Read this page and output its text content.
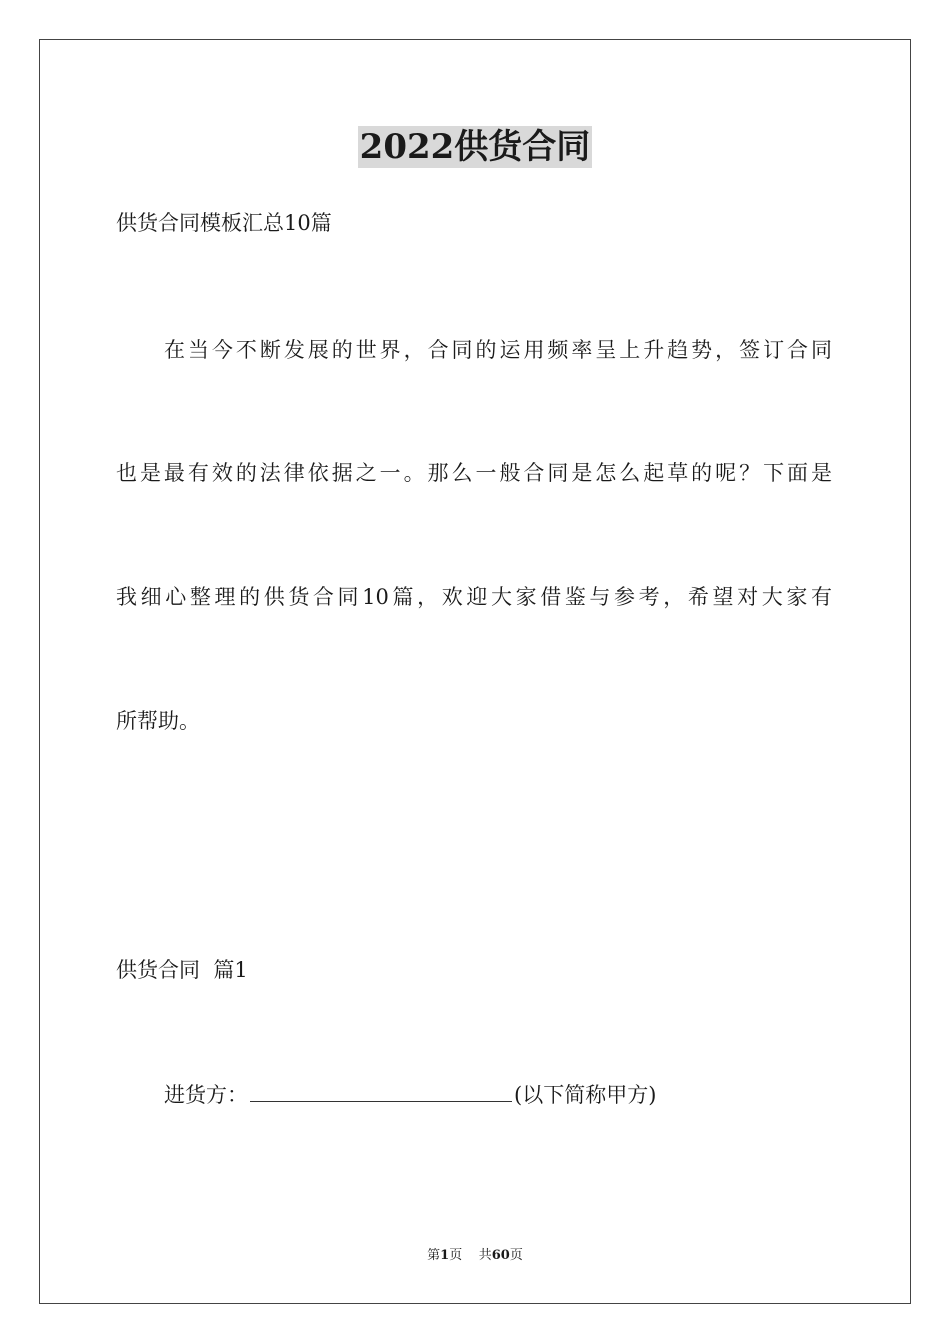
2022供货合同
供货合同模板汇总10篇
在当今不断发展的世界，合同的运用频率呈上升趋势，签订合同
也是最有效的法律依据之一。那么一般合同是怎么起草的呢？下面是
我细心整理的供货合同10篇，欢迎大家借鉴与参考，希望对大家有
所帮助。
供货合同  篇1
进货方：	(以下简称甲方)
第1页    共60页
